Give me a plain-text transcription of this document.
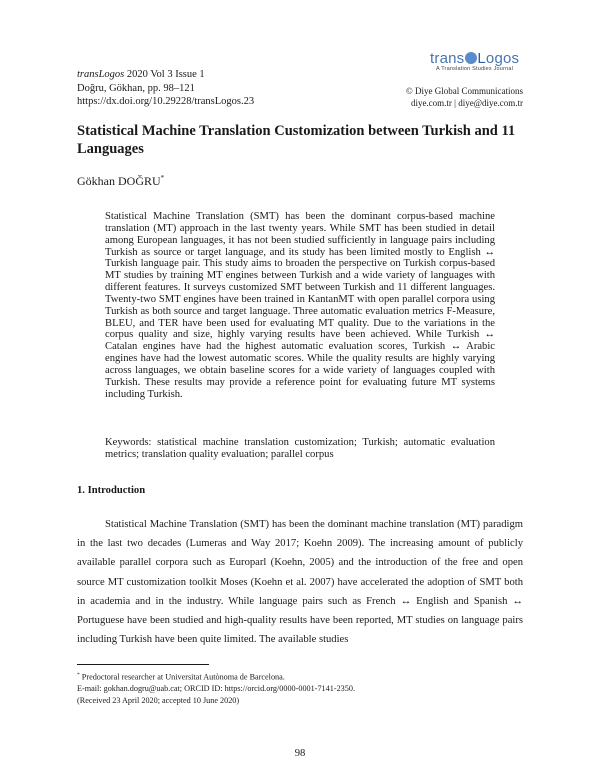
transLogos 2020 Vol 3 Issue 1
Doğru, Gökhan, pp. 98–121
https://dx.doi.org/10.29228/transLogos.23
trans Logos
A Translation Studies Journal
© Diye Global Communications
diye.com.tr | diye@diye.com.tr
Statistical Machine Translation Customization between Turkish and 11 Languages
Gökhan DOĞRU*
Statistical Machine Translation (SMT) has been the dominant corpus-based machine translation (MT) approach in the last twenty years. While SMT has been studied in detail among European languages, it has not been studied sufficiently in language pairs including Turkish as source or target language, and its study has been limited mostly to English ↔ Turkish language pair. This study aims to broaden the perspective on Turkish corpus-based MT studies by training MT engines between Turkish and a wide variety of languages with different features. It surveys customized SMT between Turkish and 11 different languages. Twenty-two SMT engines have been trained in KantanMT with open parallel corpora using Turkish as both source and target language. Three automatic evaluation metrics F-Measure, BLEU, and TER have been used for evaluating MT quality. Due to the variations in the corpus quality and size, highly varying results have been achieved. While Turkish ↔ Catalan engines have had the highest automatic evaluation scores, Turkish ↔ Arabic engines have had the lowest automatic scores. While the quality results are highly varying across languages, we obtain baseline scores for a wide variety of languages coupled with Turkish. These results may provide a reference point for evaluating future MT systems including Turkish.
Keywords: statistical machine translation customization; Turkish; automatic evaluation metrics; translation quality evaluation; parallel corpus
1. Introduction
Statistical Machine Translation (SMT) has been the dominant machine translation (MT) paradigm in the last two decades (Lumeras and Way 2017; Koehn 2009). The increasing amount of publicly available parallel corpora such as Europarl (Koehn, 2005) and the introduction of the free and open source MT customization toolkit Moses (Koehn et al. 2007) have accelerated the adoption of SMT both in academia and in the industry. While language pairs such as French ↔ English and Spanish ↔ Portuguese have been studied and high-quality results have been reported, MT studies on language pairs including Turkish have been quite limited. The available studies
* Predoctoral researcher at Universitat Autònoma de Barcelona.
E-mail: gokhan.dogru@uab.cat; ORCID ID: https://orcid.org/0000-0001-7141-2350.
(Received 23 April 2020; accepted 10 June 2020)
98
